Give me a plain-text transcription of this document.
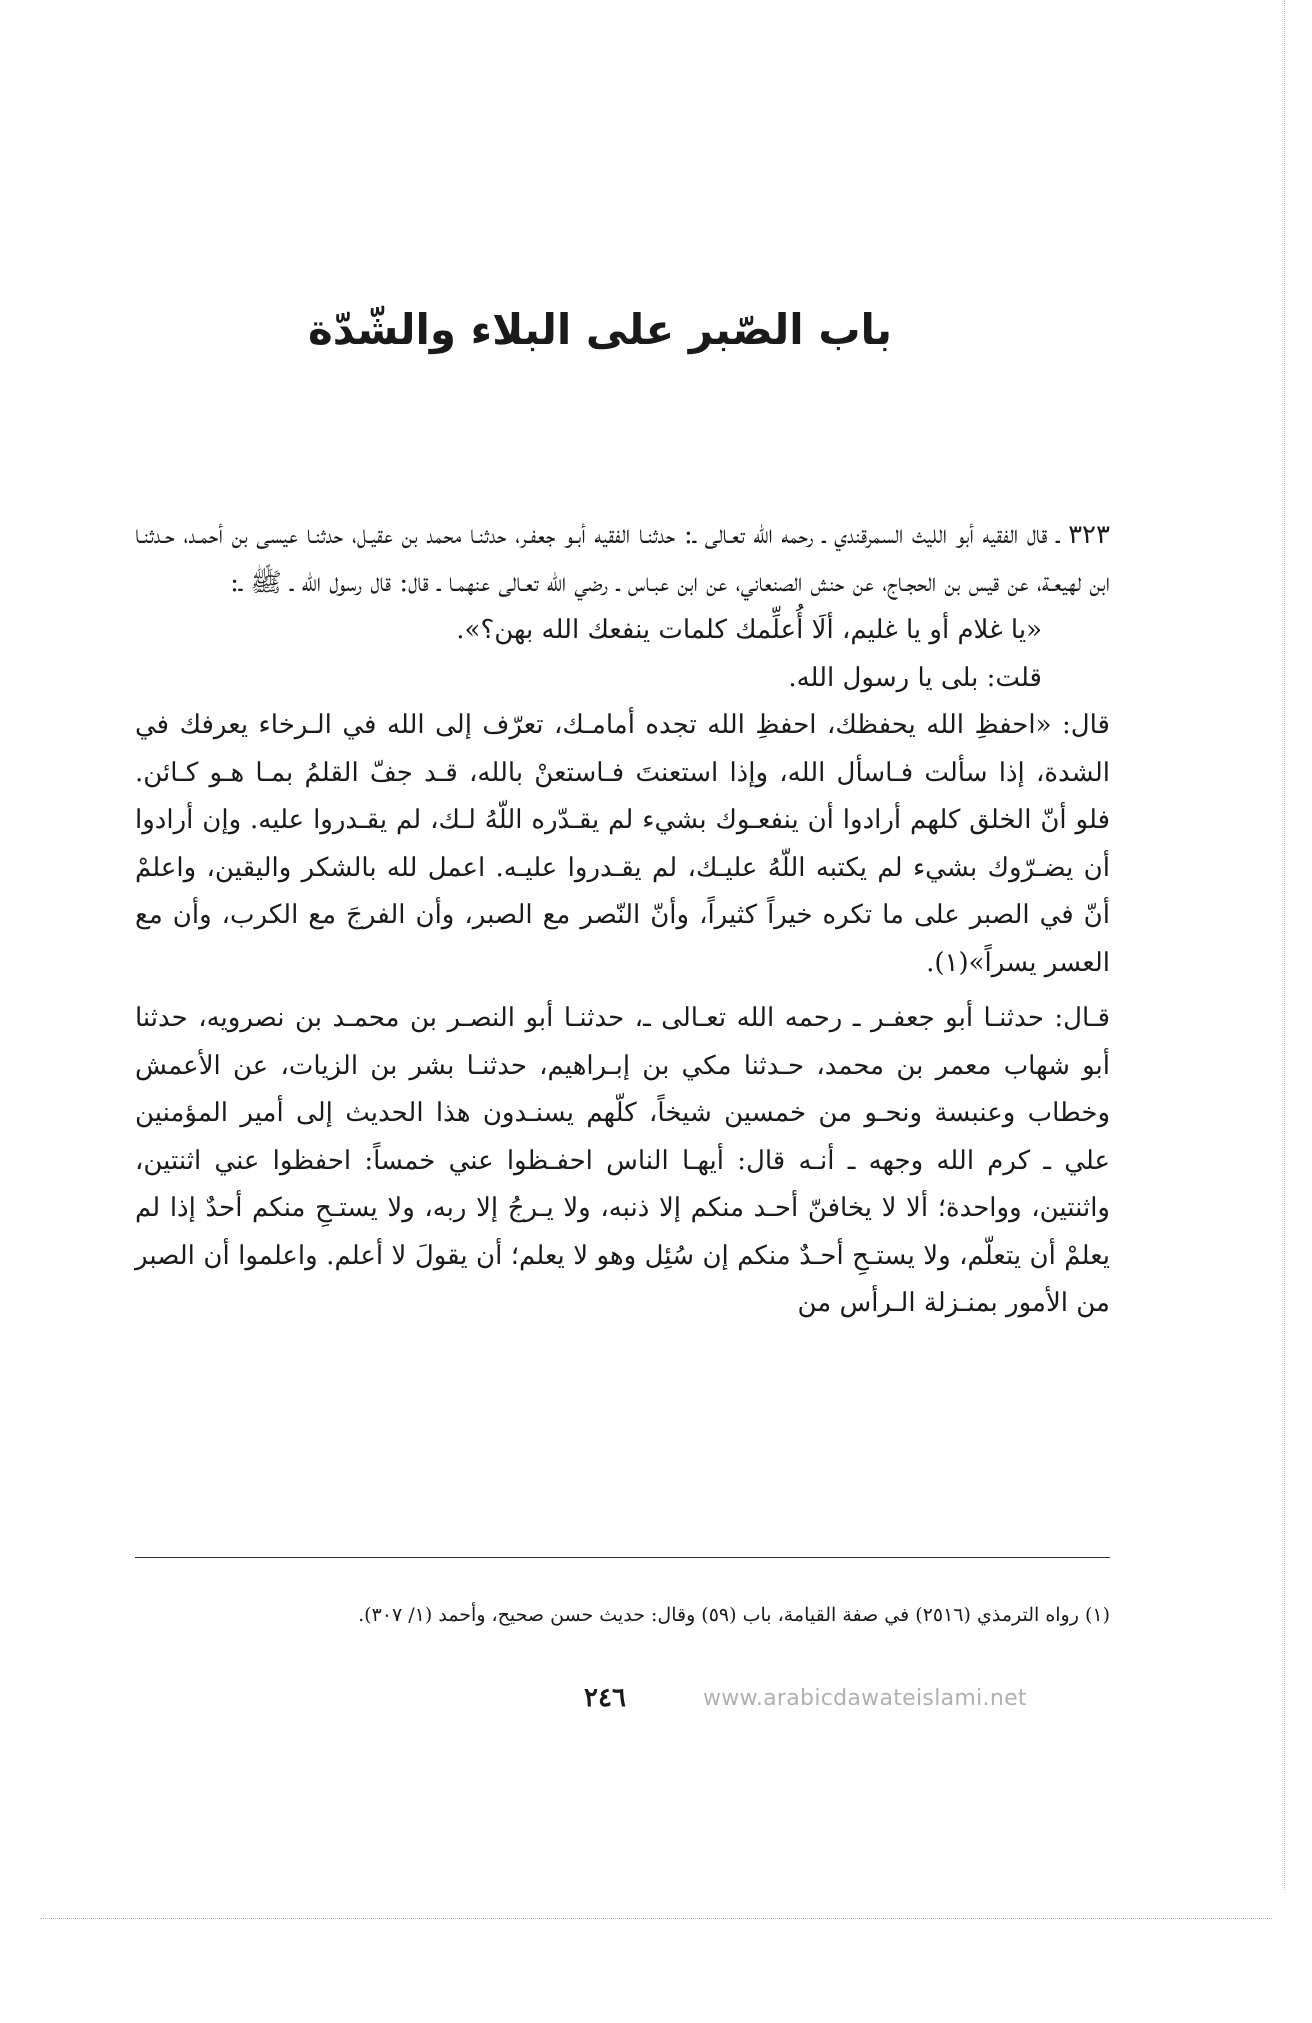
باب الصّبر على البلاء والشّدّة

٣٢٣ ـ قال الفقيه أبو الليث السمرقندي ـ رحمه الله تعـالى ـ: حدثنـا الفقيه أبـو جعفـر، حدثنـا محمد بن عقيـل، حدثنـا عيسى بن أحمـد، حـدثنـا ابن لهيعـة، عن قيس بن الحجـاج، عن حنش الصنعاني، عن ابن عبـاس ـ رضي الله تعـالى عنهمـا ـ قال: قال رسول الله ـ ﷺ ـ:

«يا غلام أو يا غليم، ألَا أُعلِّمك كلمات ينفعك الله بهن؟».

قلت: بلى يا رسول الله.

قال: «احفظِ الله يحفظك، احفظِ الله تجده أمامـك، تعرّف إلى الله في الـرخاء يعرفك في الشدة، إذا سألت فـاسأل الله، وإذا استعنتَ فـاستعنْ بالله، قـد جفّ القلمُ بمـا هـو كـائن. فلو أنّ الخلق كلهم أرادوا أن ينفعـوك بشيء لم يقـدّره اللّهُ لـك، لم يقـدروا عليه. وإن أرادوا أن يضـرّوك بشيء لم يكتبه اللّهُ عليـك، لم يقـدروا عليـه. اعمل لله بالشكر واليقين، واعلمْ أنّ في الصبر على ما تكره خيراً كثيراً، وأنّ النّصر مع الصبر، وأن الفرجَ مع الكرب، وأن مع العسر يسراً»(١).

قـال: حدثنـا أبو جعفـر ـ رحمه الله تعـالى ـ، حدثنـا أبو النصـر بن محمـد بن نصرويه، حدثنا أبو شهاب معمر بن محمد، حـدثنا مكي بن إبـراهيم، حدثنـا بشر بن الزيات، عن الأعمش وخطاب وعنبسة ونحـو من خمسين شيخاً، كلّهم يسنـدون هذا الحديث إلى أمير المؤمنين علي ـ كرم الله وجهه ـ أنـه قال: أيهـا الناس احفـظوا عني خمساً: احفظوا عني اثنتين، واثنتين، وواحدة؛ ألا لا يخافنّ أحـد منكم إلا ذنبه، ولا يـرجُ إلا ربه، ولا يستـحِ منكم أحدٌ إذا لم يعلمْ أن يتعلّم، ولا يستـحِ أحـدٌ منكم إن سُئِل وهو لا يعلم؛ أن يقولَ لا أعلم. واعلموا أن الصبر من الأمور بمنـزلة الـرأس من

(١) رواه الترمذي (٢٥١٦) في صفة القيامة، باب (٥٩) وقال: حديث حسن صحيح، وأحمد (١/ ٣٠٧).

٢٤٦	www.arabicdawateislami.net
